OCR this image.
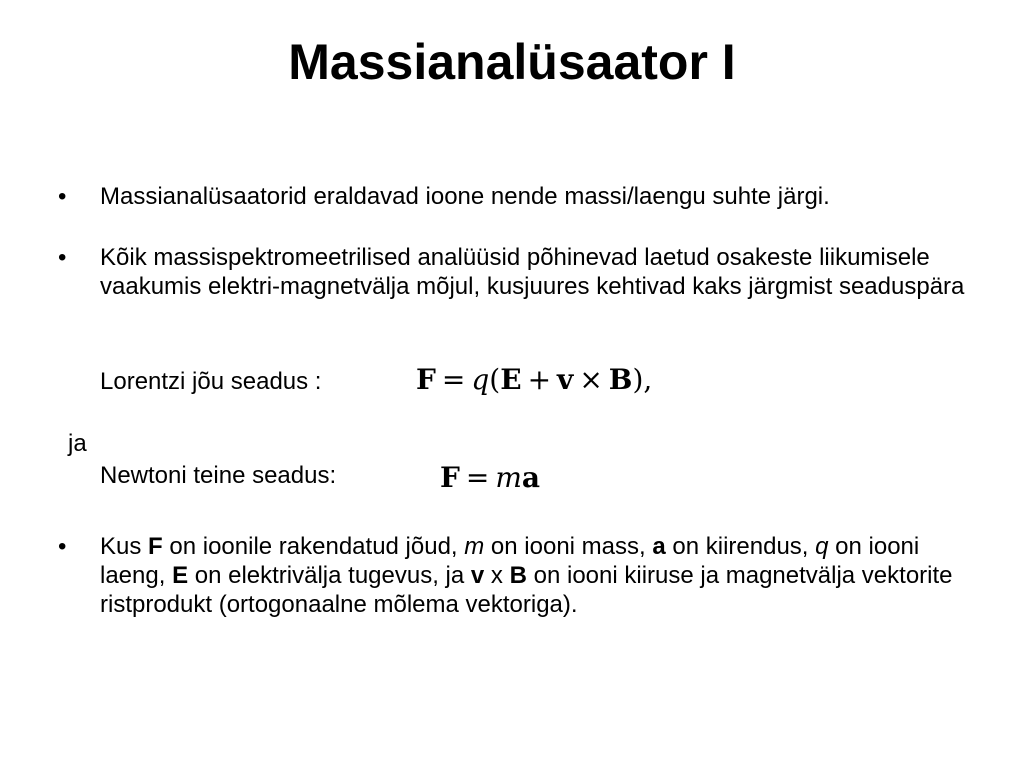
Massianalüsaator I
• Massianalüsaatorid eraldavad ioone nende massi/laengu suhte järgi.
• Kõik massispektromeetrilised analüüsid põhinevad laetud osakeste liikumisele vaakumis elektri-magnetvälja mõjul, kusjuures kehtivad kaks järgmist seaduspära
Lorentzi jõu seadus :	F = q(E + v × B),
ja
Newtoni teine seadus:	F = ma
• Kus F on ioonile rakendatud jõud, m on iooni mass, a on kiirendus, q on iooni laeng, E on elektrivälja tugevus, ja v x B on iooni kiiruse ja magnetvälja vektorite ristprodukt (ortogonaalne mõlema vektoriga).
